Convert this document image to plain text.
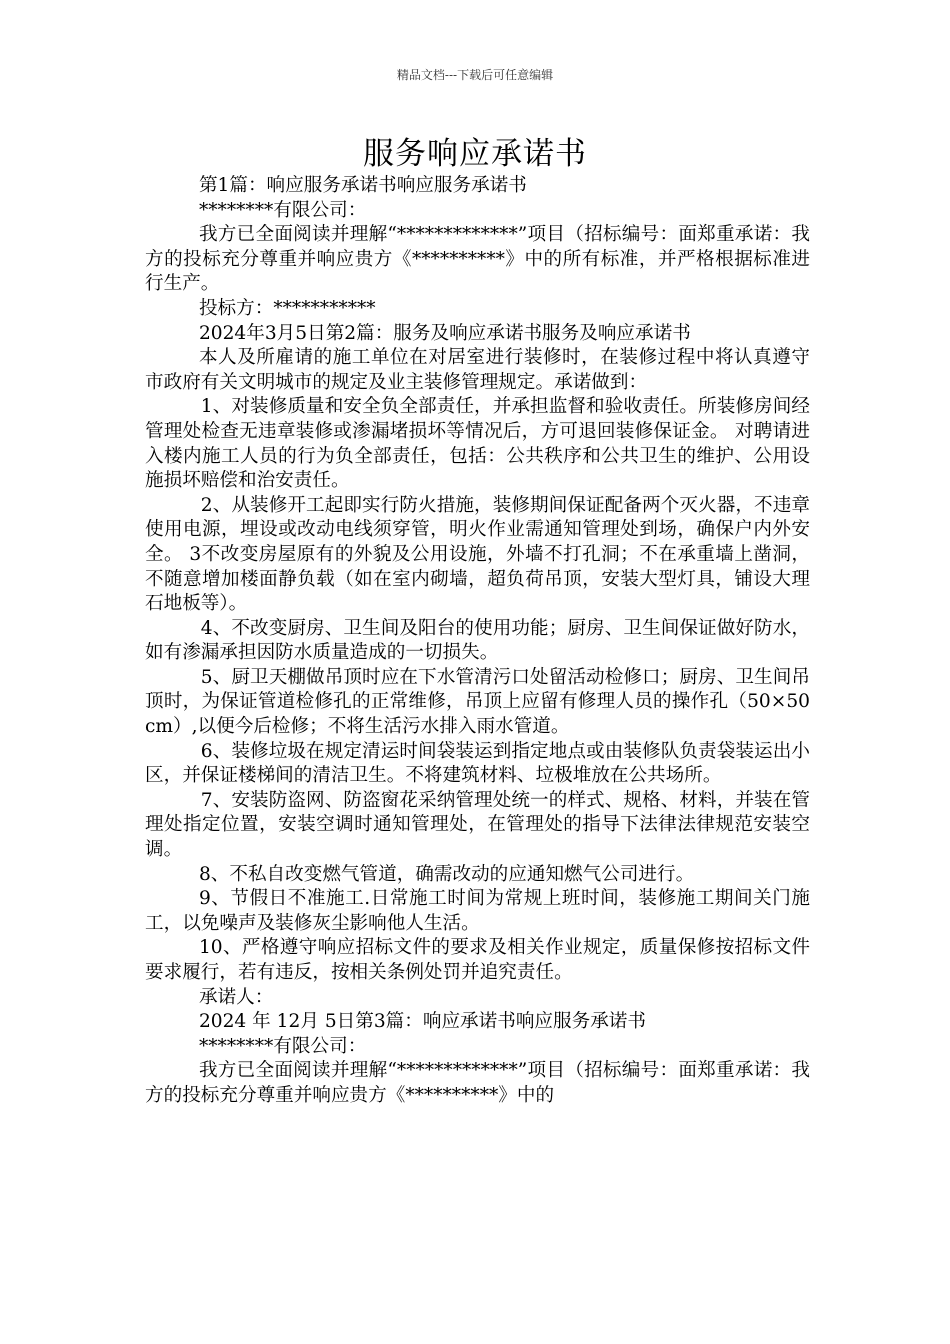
精品文档---下载后可任意编辑
服务响应承诺书

第1篇：响应服务承诺书响应服务承诺书

********有限公司：

我方已全面阅读并理解“*************”项目（招标编号：面郑重承诺：我方的投标充分尊重并响应贵方《**********》中的所有标准，并严格根据标准进行生产。

投标方：***********

2024年3月5日第2篇：服务及响应承诺书服务及响应承诺书

本人及所雇请的施工单位在对居室进行装修时，在装修过程中将认真遵守市政府有关文明城市的规定及业主装修管理规定。承诺做到：

1、对装修质量和安全负全部责任，并承担监督和验收责任。所装修房间经管理处检查无违章装修或渗漏堵损坏等情况后，方可退回装修保证金。 对聘请进入楼内施工人员的行为负全部责任，包括：公共秩序和公共卫生的维护、公用设施损坏赔偿和治安责任。

2、从装修开工起即实行防火措施，装修期间保证配备两个灭火器，不违章使用电源，埋设或改动电线须穿管，明火作业需通知管理处到场，确保户内外安全。 3不改变房屋原有的外貌及公用设施，外墙不打孔洞；不在承重墙上凿洞，不随意增加楼面静负载（如在室内砌墙，超负荷吊顶，安装大型灯具，铺设大理石地板等）。

4、不改变厨房、卫生间及阳台的使用功能；厨房、卫生间保证做好防水，如有渗漏承担因防水质量造成的一切损失。

5、厨卫天棚做吊顶时应在下水管清污口处留活动检修口；厨房、卫生间吊顶时，为保证管道检修孔的正常维修，吊顶上应留有修理人员的操作孔（50×50cm）,以便今后检修；不将生活污水排入雨水管道。

6、装修垃圾在规定清运时间袋装运到指定地点或由装修队负责袋装运出小区，并保证楼梯间的清洁卫生。不将建筑材料、垃极堆放在公共场所。

7、安装防盗网、防盗窗花采纳管理处统一的样式、规格、材料，并装在管理处指定位置，安装空调时通知管理处，在管理处的指导下法律法律规范安装空调。

8、不私自改变燃气管道，确需改动的应通知燃气公司进行。

9、节假日不准施工.日常施工时间为常规上班时间，装修施工期间关门施工，以免噪声及装修灰尘影响他人生活。

10、严格遵守响应招标文件的要求及相关作业规定，质量保修按招标文件要求履行，若有违反，按相关条例处罚并追究责任。

承诺人：

2024 年 12月 5日第3篇：响应承诺书响应服务承诺书

********有限公司：

我方已全面阅读并理解“*************”项目（招标编号：面郑重承诺：我方的投标充分尊重并响应贵方《**********》中的
